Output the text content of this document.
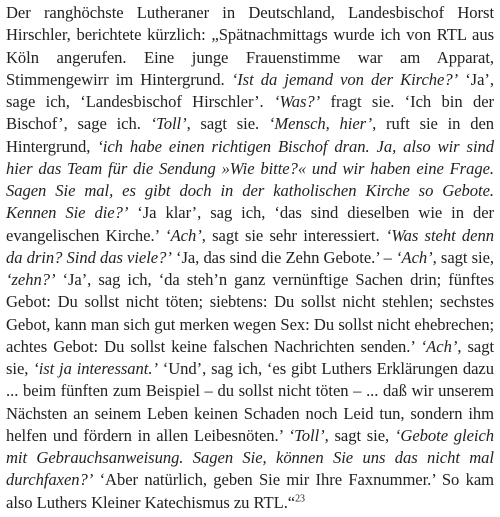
Der ranghöchste Lutheraner in Deutschland, Landesbischof Horst Hirschler, berichtete kürzlich: „Spätnachmittags wurde ich von RTL aus Köln angerufen. Eine junge Frauenstimme war am Apparat, Stimmengewirr im Hintergrund. ‘Ist da jemand von der Kirche?’ ‘Ja’, sage ich, ‘Landesbischof Hirschler’. ‘Was?’ fragt sie. ‘Ich bin der Bischof’, sage ich. ‘Toll’, sagt sie. ‘Mensch, hier’, ruft sie in den Hintergrund, ‘ich habe einen richtigen Bischof dran. Ja, also wir sind hier das Team für die Sendung »Wie bitte?« und wir haben eine Frage. Sagen Sie mal, es gibt doch in der katholischen Kirche so Gebote. Kennen Sie die?’ ‘Ja klar’, sag ich, ‘das sind dieselben wie in der evangelischen Kirche.’ ‘Ach’, sagt sie sehr interessiert. ‘Was steht denn da drin? Sind das viele?’ ‘Ja, das sind die Zehn Gebote.’ – ‘Ach’, sagt sie, ‘zehn?’ ‘Ja’, sag ich, ‘da steh’n ganz vernünftige Sachen drin; fünftes Gebot: Du sollst nicht töten; siebtens: Du sollst nicht stehlen; sechstes Gebot, kann man sich gut merken wegen Sex: Du sollst nicht ehebrechen; achtes Gebot: Du sollst keine falschen Nachrichten senden.’ ‘Ach’, sagt sie, ‘ist ja interessant.’ ‘Und’, sag ich, ‘es gibt Luthers Erklärungen dazu ... beim fünften zum Beispiel – du sollst nicht töten – ... daß wir unserem Nächsten an seinem Leben keinen Schaden noch Leid tun, sondern ihm helfen und fördern in allen Leibesnöten.’ ‘Toll’, sagt sie, ‘Gebote gleich mit Gebrauchsanweisung. Sagen Sie, können Sie uns das nicht mal durchfaxen?’ ‘Aber natürlich, geben Sie mir Ihre Faxnummer.’ So kam also Luthers Kleiner Katechismus zu RTL.“$^{23}$
